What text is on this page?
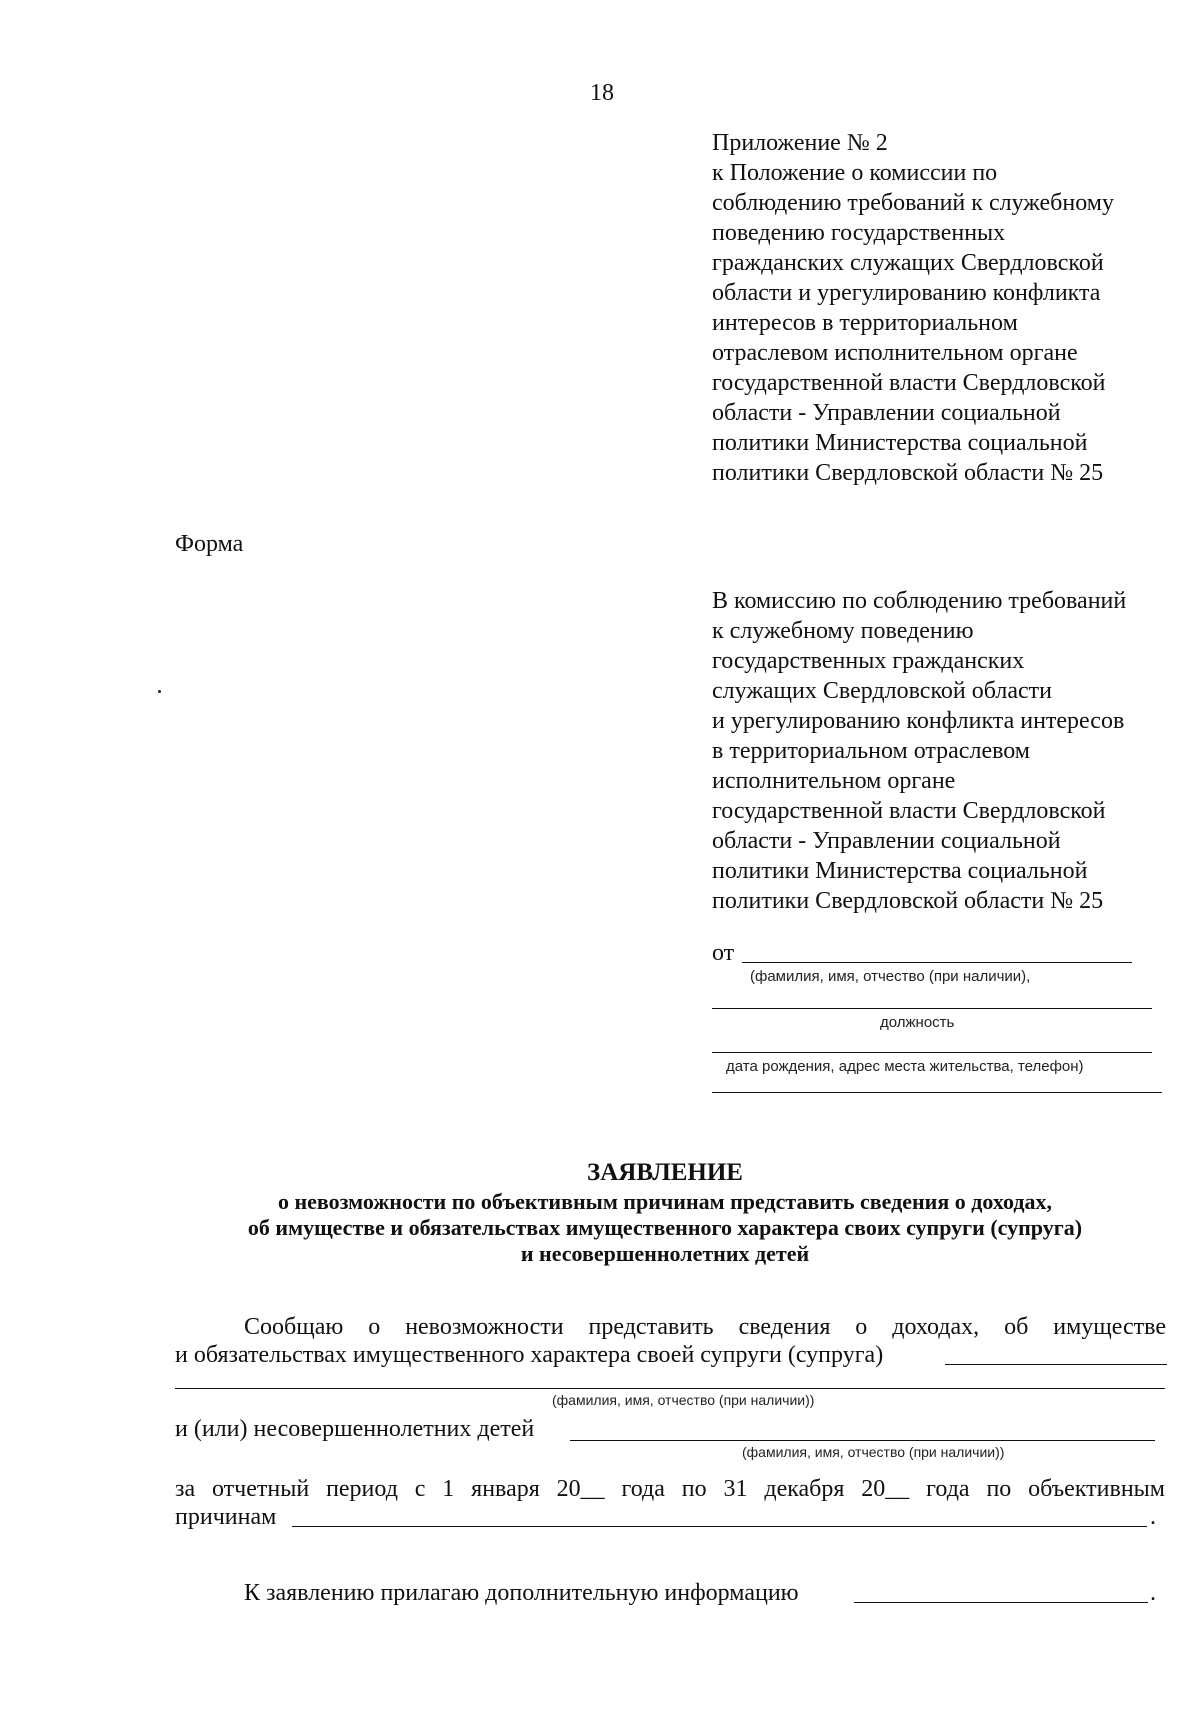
18
Приложение № 2
к Положение о комиссии по
соблюдению требований к служебному
поведению государственных
гражданских служащих Свердловской
области и урегулированию конфликта
интересов в территориальном
отраслевом исполнительном органе
государственной власти Свердловской
области - Управлении социальной
политики Министерства социальной
политики Свердловской области № 25
Форма
В комиссию по соблюдению требований
к служебному поведению
государственных гражданских
служащих Свердловской области
и урегулированию конфликта интересов
в территориальном отраслевом
исполнительном органе
государственной власти Свердловской
области - Управлении социальной
политики Министерства социальной
политики Свердловской области № 25
от
(фамилия, имя, отчество (при наличии),
должность
дата рождения, адрес места жительства, телефон)
ЗАЯВЛЕНИЕ
о невозможности по объективным причинам представить сведения о доходах,
об имуществе и обязательствах имущественного характера своих супруги (супруга)
и несовершеннолетних детей
Сообщаю о невозможности представить сведения о доходах, об имуществе
и обязательствах имущественного характера своей супруги (супруга)
(фамилия, имя, отчество (при наличии))
и (или) несовершеннолетних детей
(фамилия, имя, отчество (при наличии))
за отчетный период с 1 января 20__ года по 31 декабря 20__ года по объективным
причинам	.
К заявлению прилагаю дополнительную информацию	.
